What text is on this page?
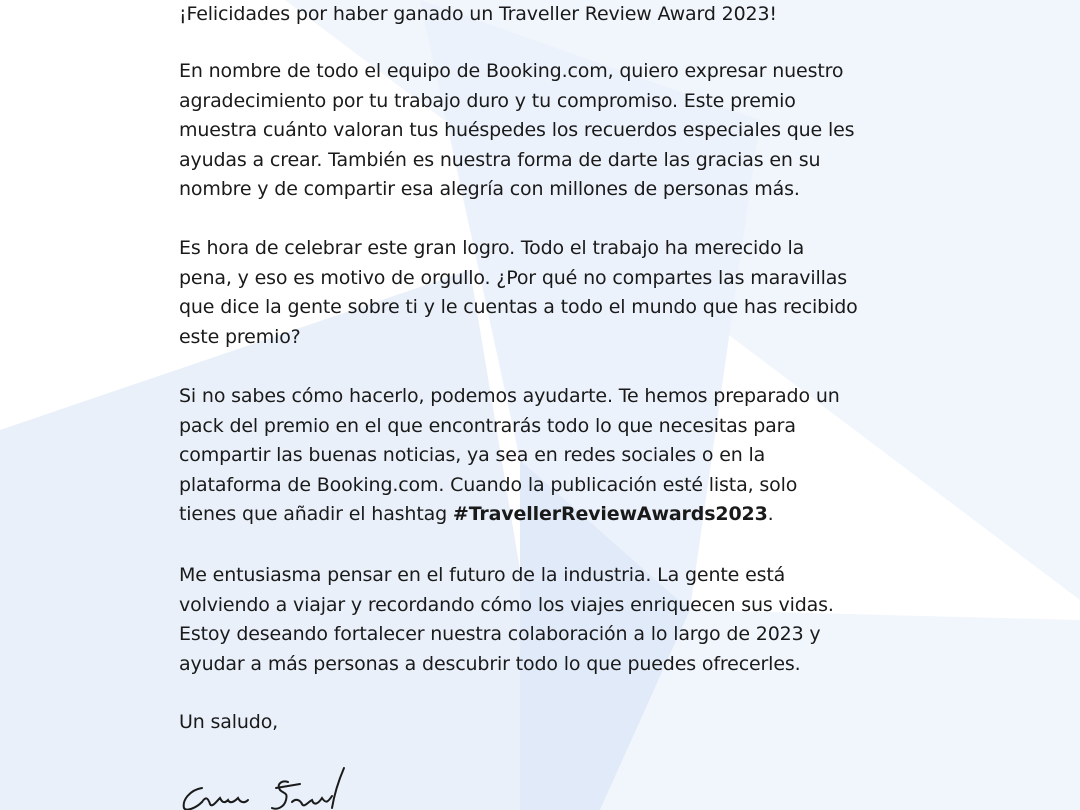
¡Felicidades por haber ganado un Traveller Review Award 2023!

En nombre de todo el equipo de Booking.com, quiero expresar nuestro
agradecimiento por tu trabajo duro y tu compromiso. Este premio
muestra cuánto valoran tus huéspedes los recuerdos especiales que les
ayudas a crear. También es nuestra forma de darte las gracias en su
nombre y de compartir esa alegría con millones de personas más.

Es hora de celebrar este gran logro. Todo el trabajo ha merecido la
pena, y eso es motivo de orgullo. ¿Por qué no compartes las maravillas
que dice la gente sobre ti y le cuentas a todo el mundo que has recibido
este premio?

Si no sabes cómo hacerlo, podemos ayudarte. Te hemos preparado un
pack del premio en el que encontrarás todo lo que necesitas para
compartir las buenas noticias, ya sea en redes sociales o en la
plataforma de Booking.com. Cuando la publicación esté lista, solo
tienes que añadir el hashtag #TravellerReviewAwards2023.

Me entusiasma pensar en el futuro de la industria. La gente está
volviendo a viajar y recordando cómo los viajes enriquecen sus vidas.
Estoy deseando fortalecer nuestra colaboración a lo largo de 2023 y
ayudar a más personas a descubrir todo lo que puedes ofrecerles.

Un saludo,
